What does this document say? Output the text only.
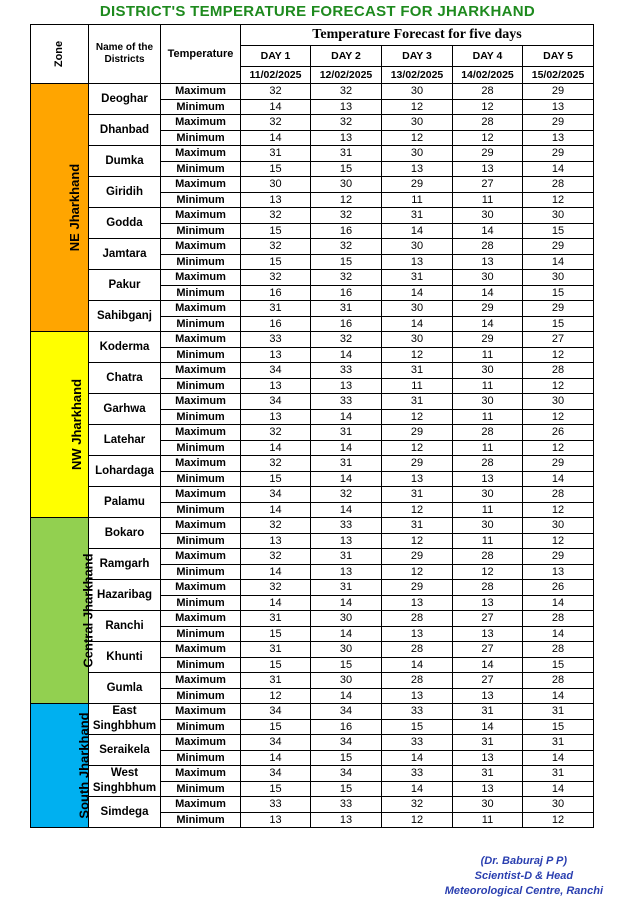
DISTRICT'S TEMPERATURE FORECAST FOR JHARKHAND
Zone	Name of the Districts	Temperature	Temperature Forecast for five days				
			DAY 1	DAY 2	DAY 3	DAY 4	DAY 5
			11/02/2025	12/02/2025	13/02/2025	14/02/2025	15/02/2025
NE Jharkhand	Deoghar	Maximum	32	32	30	28	29
		Minimum	14	13	12	12	13
	Dhanbad	Maximum	32	32	30	28	29
		Minimum	14	13	12	12	13
	Dumka	Maximum	31	31	30	29	29
		Minimum	15	15	13	13	14
	Giridih	Maximum	30	30	29	27	28
		Minimum	13	12	11	11	12
	Godda	Maximum	32	32	31	30	30
		Minimum	15	16	14	14	15
	Jamtara	Maximum	32	32	30	28	29
		Minimum	15	15	13	13	14
	Pakur	Maximum	32	32	31	30	30
		Minimum	16	16	14	14	15
	Sahibganj	Maximum	31	31	30	29	29
		Minimum	16	16	14	14	15
NW Jharkhand	Koderma	Maximum	33	32	30	29	27
		Minimum	13	14	12	11	12
	Chatra	Maximum	34	33	31	30	28
		Minimum	13	13	11	11	12
	Garhwa	Maximum	34	33	31	30	30
		Minimum	13	14	12	11	12
	Latehar	Maximum	32	31	29	28	26
		Minimum	14	14	12	11	12
	Lohardaga	Maximum	32	31	29	28	29
		Minimum	15	14	13	13	14
	Palamu	Maximum	34	32	31	30	28
		Minimum	14	14	12	11	12
Central Jharkhand	Bokaro	Maximum	32	33	31	30	30
		Minimum	13	13	12	11	12
	Ramgarh	Maximum	32	31	29	28	29
		Minimum	14	13	12	12	13
	Hazaribag	Maximum	32	31	29	28	26
		Minimum	14	14	13	13	14
	Ranchi	Maximum	31	30	28	27	28
		Minimum	15	14	13	13	14
	Khunti	Maximum	31	30	28	27	28
		Minimum	15	15	14	14	15
	Gumla	Maximum	31	30	28	27	28
		Minimum	12	14	13	13	14
South Jharkhand	East Singhbhum	Maximum	34	34	33	31	31
		Minimum	15	16	15	14	15
	Seraikela	Maximum	34	34	33	31	31
		Minimum	14	15	14	13	14
	West Singhbhum	Maximum	34	34	33	31	31
		Minimum	15	15	14	13	14
	Simdega	Maximum	33	33	32	30	30
		Minimum	13	13	12	11	12
(Dr. Baburaj P P)
Scientist-D & Head
Meteorological Centre, Ranchi
